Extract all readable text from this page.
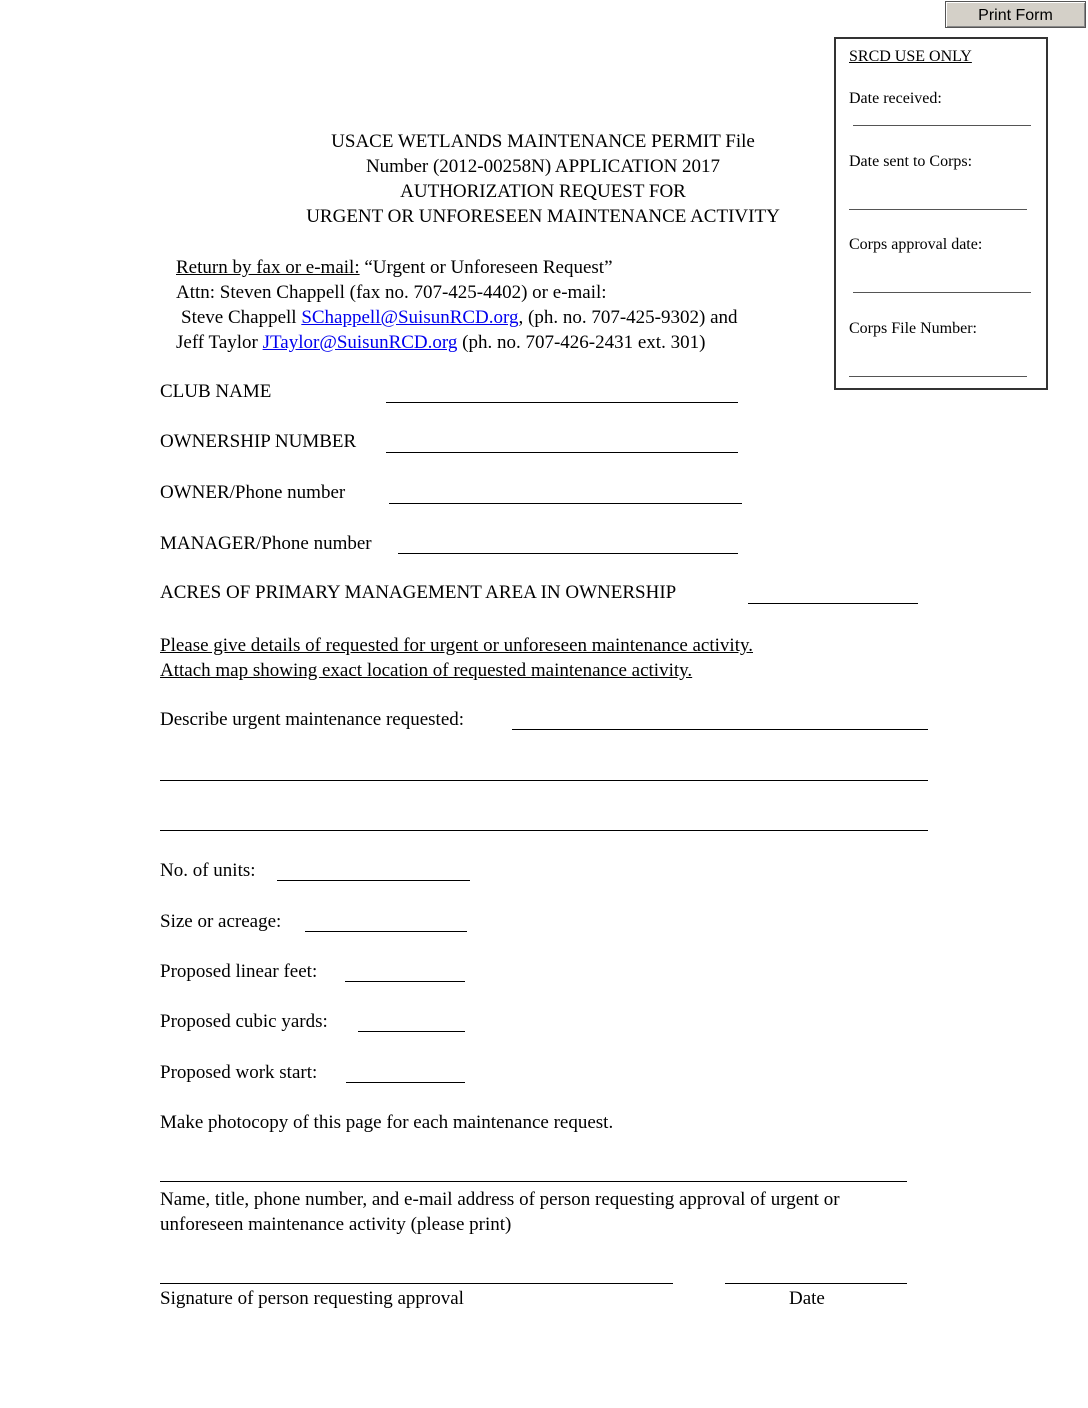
Print Form
SRCD USE ONLY
Date received:
Date sent to Corps:
Corps approval date:
Corps File Number:
USACE WETLANDS MAINTENANCE PERMIT File
Number (2012-00258N) APPLICATION 2017
AUTHORIZATION REQUEST FOR
URGENT OR UNFORESEEN MAINTENANCE ACTIVITY
Return by fax or e-mail: “Urgent or Unforeseen Request”
Attn: Steven Chappell (fax no. 707-425-4402) or e-mail:
Steve Chappell SChappell@SuisunRCD.org, (ph. no. 707-425-9302) and
Jeff Taylor JTaylor@SuisunRCD.org (ph. no. 707-426-2431 ext. 301)
CLUB NAME
OWNERSHIP NUMBER
OWNER/Phone number
MANAGER/Phone number
ACRES OF PRIMARY MANAGEMENT AREA IN OWNERSHIP
Please give details of requested for urgent or unforeseen maintenance activity.
Attach map showing exact location of requested maintenance activity.
Describe urgent maintenance requested:
No. of units:
Size or acreage:
Proposed linear feet:
Proposed cubic yards:
Proposed work start:
Make photocopy of this page for each maintenance request.
Name, title, phone number, and e-mail address of person requesting approval of urgent or
unforeseen maintenance activity (please print)
Signature of person requesting approval	Date
